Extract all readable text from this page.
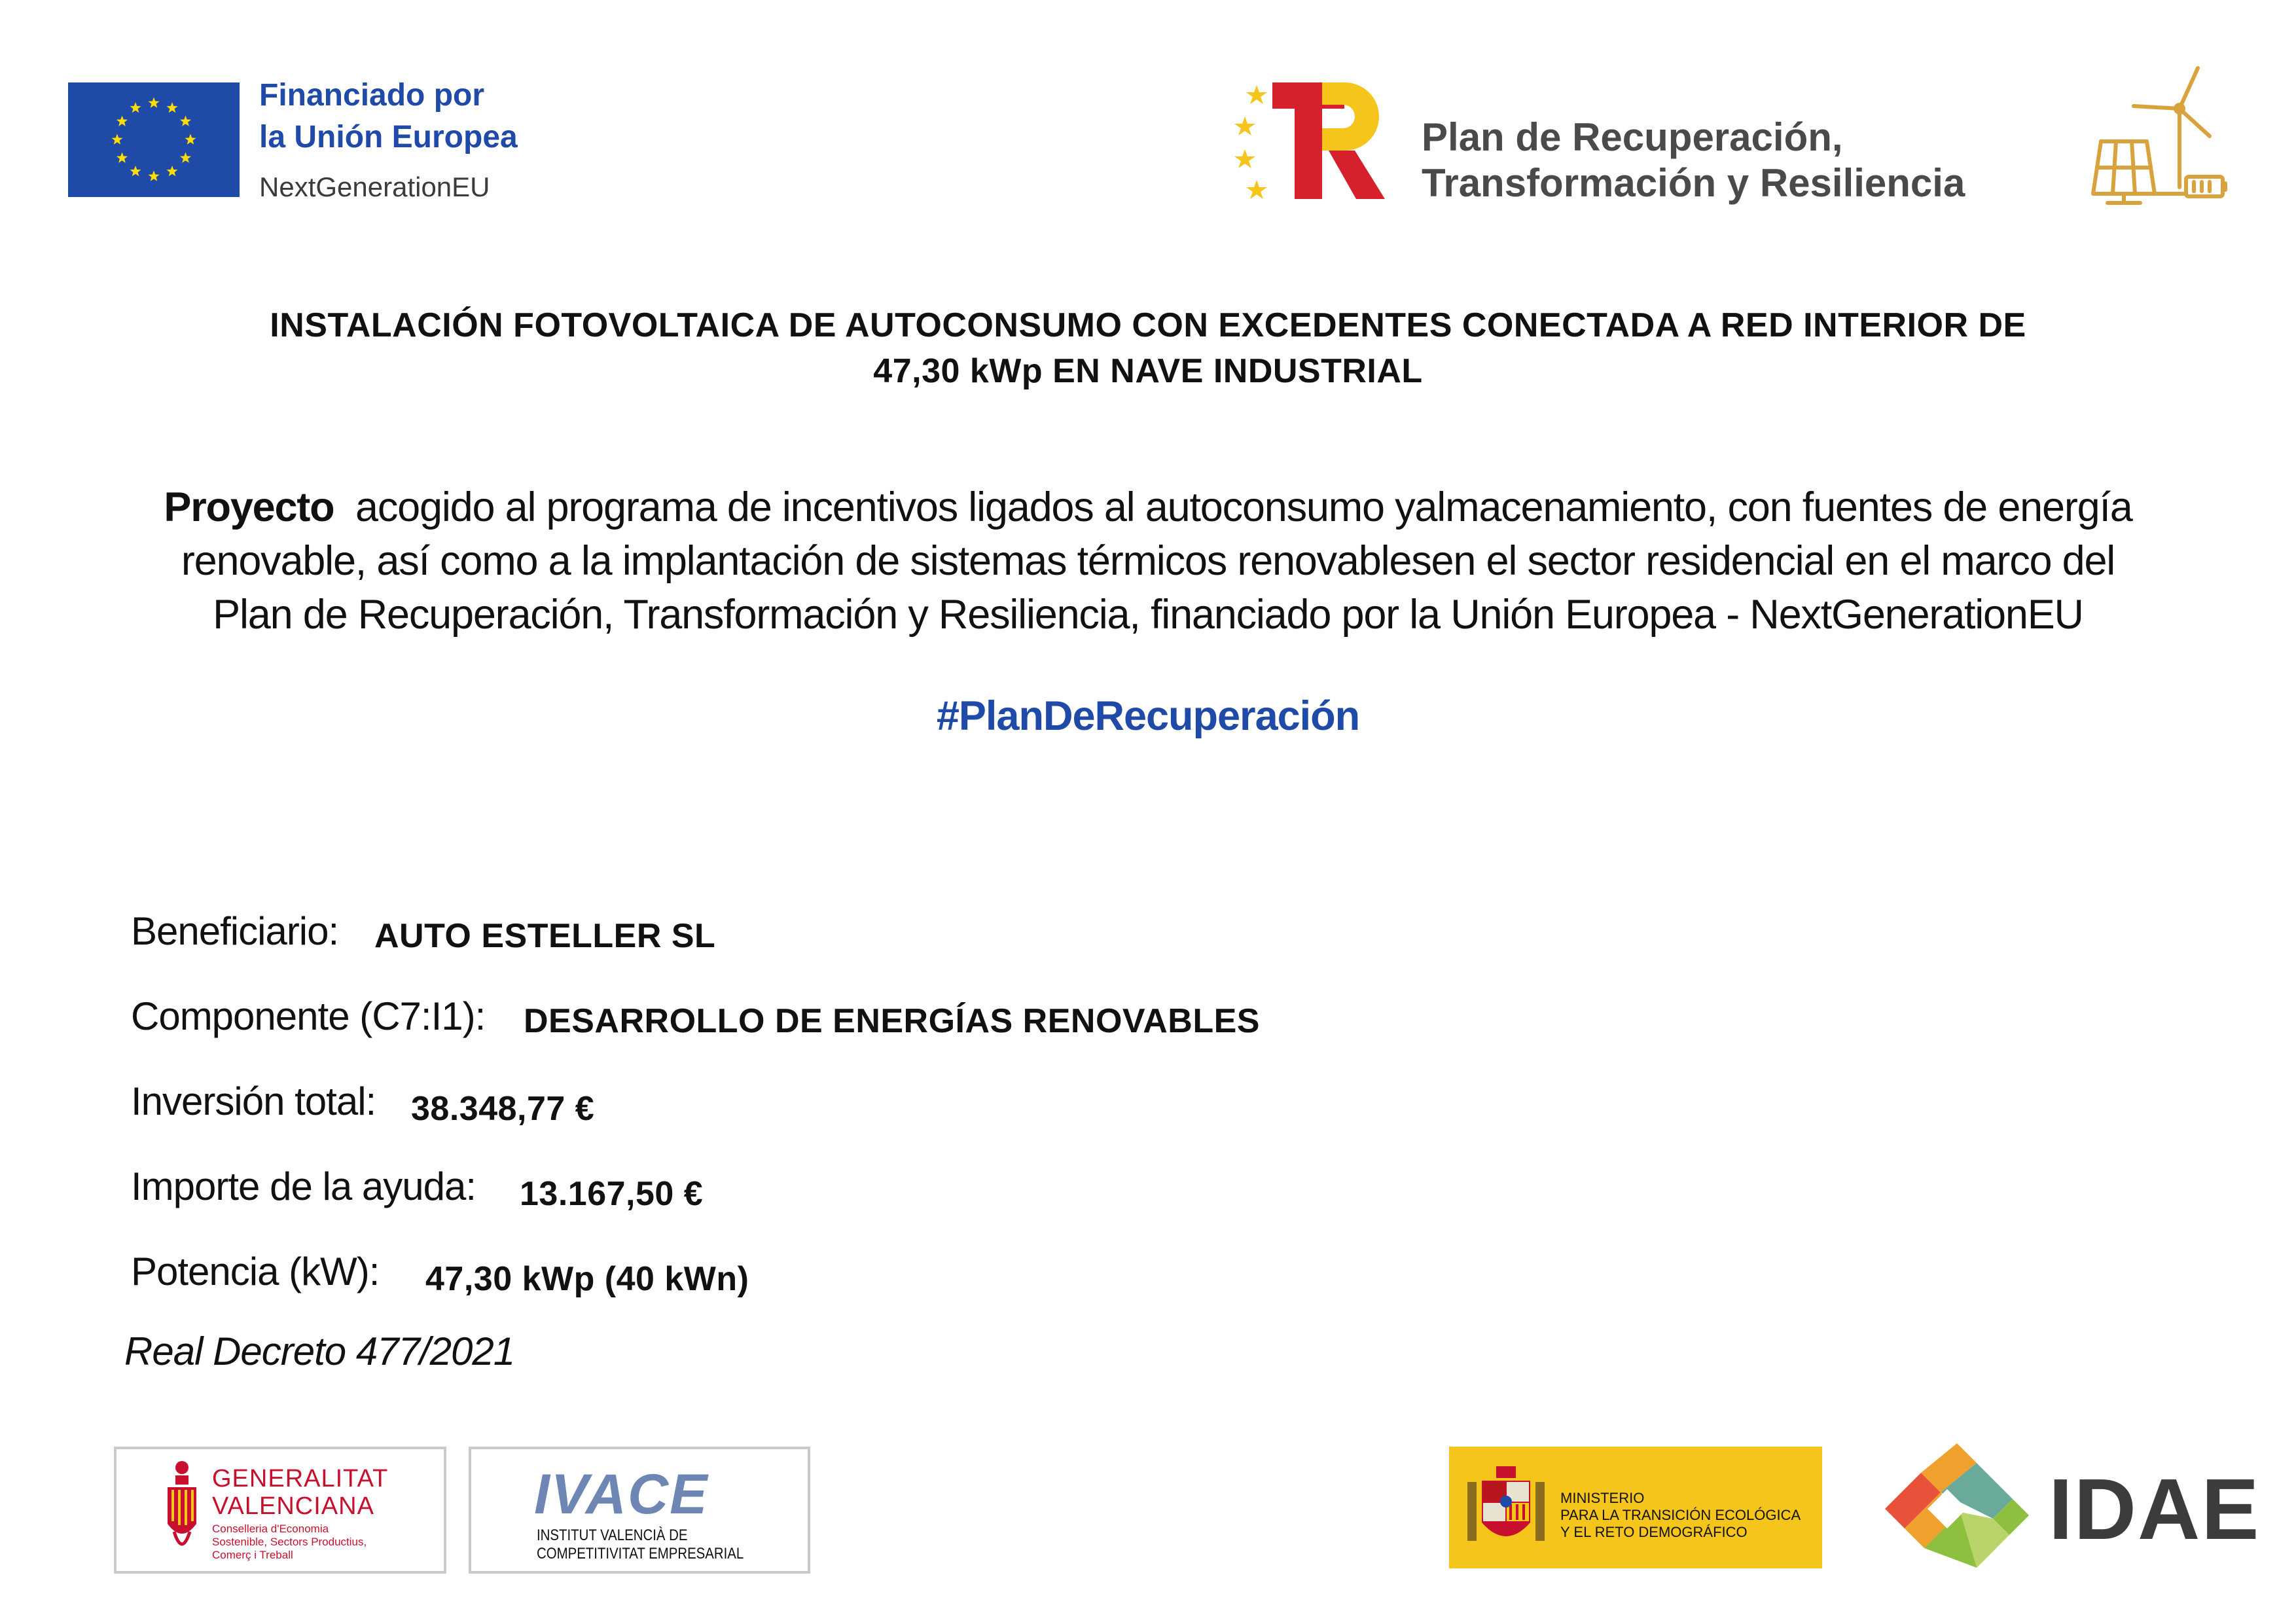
Financiado por
la Unión Europea
NextGenerationEU
Plan de Recuperación,
Transformación y Resiliencia
INSTALACIÓN FOTOVOLTAICA DE AUTOCONSUMO CON EXCEDENTES CONECTADA A RED INTERIOR DE
47,30 kWp EN NAVE INDUSTRIAL
Proyecto acogido al programa de incentivos ligados al autoconsumo yalmacenamiento, con fuentes de energía
renovable, así como a la implantación de sistemas térmicos renovablesen el sector residencial en el marco del
Plan de Recuperación, Transformación y Resiliencia, financiado por la Unión Europea - NextGenerationEU
#PlanDeRecuperación
Beneficiario: AUTO ESTELLER SL
Componente (C7:I1): DESARROLLO DE ENERGÍAS RENOVABLES
Inversión total: 38.348,77 €
Importe de la ayuda: 13.167,50 €
Potencia (kW): 47,30 kWp (40 kWn)
Real Decreto 477/2021
GENERALITAT
VALENCIANA
Conselleria d'Economia
Sostenible, Sectors Productius,
Comerç i Treball
IVACE
INSTITUT VALENCIÀ DE
COMPETITIVITAT EMPRESARIAL
MINISTERIO
PARA LA TRANSICIÓN ECOLÓGICA
Y EL RETO DEMOGRÁFICO	IDAE
